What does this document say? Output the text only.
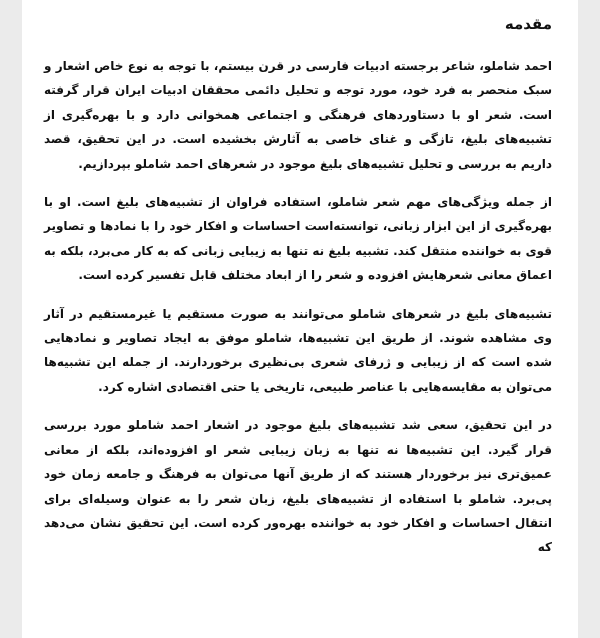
مقدمه

احمد شاملو، شاعر برجسته ادبیات فارسی در قرن بیستم، با توجه به نوع خاص اشعار و سبک منحصر به فرد خود، مورد توجه و تحلیل دائمی محققان ادبیات ایران قرار گرفته است. شعر او با دستاوردهای فرهنگی و اجتماعی همخوانی دارد و با بهره‌گیری از تشبیه‌های بلیغ، تازگی و غنای خاصی به آثارش بخشیده است. در این تحقیق، قصد داریم به بررسی و تحلیل تشبیه‌های بلیغ موجود در شعرهای احمد شاملو بپردازیم.

از جمله ویژگی‌های مهم شعر شاملو، استفاده فراوان از تشبیه‌های بلیغ است. او با بهره‌گیری از این ابزار زبانی، توانسته‌است احساسات و افکار خود را با نمادها و تصاویر قوی به خواننده منتقل کند. تشبیه بلیغ نه تنها به زیبایی زبانی که به کار می‌برد، بلکه به اعماق معانی شعرهایش افزوده و شعر را از ابعاد مختلف قابل تفسیر کرده است.

تشبیه‌های بلیغ در شعرهای شاملو می‌توانند به صورت مستقیم یا غیرمستقیم در آثار وی مشاهده شوند. از طریق این تشبیه‌ها، شاملو موفق به ایجاد تصاویر و نمادهایی شده است که از زیبایی و ژرفای شعری بی‌نظیری برخوردارند. از جمله این تشبیه‌ها می‌توان به مقایسه‌هایی با عناصر طبیعی، تاریخی یا حتی اقتصادی اشاره کرد.

در این تحقیق، سعی شد تشبیه‌های بلیغ موجود در اشعار احمد شاملو مورد بررسی قرار گیرد. این تشبیه‌ها نه تنها به زبان زیبایی شعر او افزوده‌اند، بلکه از معانی عمیق‌تری نیز برخوردار هستند که از طریق آنها می‌توان به فرهنگ و جامعه زمان خود پی‌برد. شاملو با استفاده از تشبیه‌های بلیغ، زبان شعر را به عنوان وسیله‌ای برای انتقال احساسات و افکار خود به خواننده بهره‌ور کرده است. این تحقیق نشان می‌دهد که
